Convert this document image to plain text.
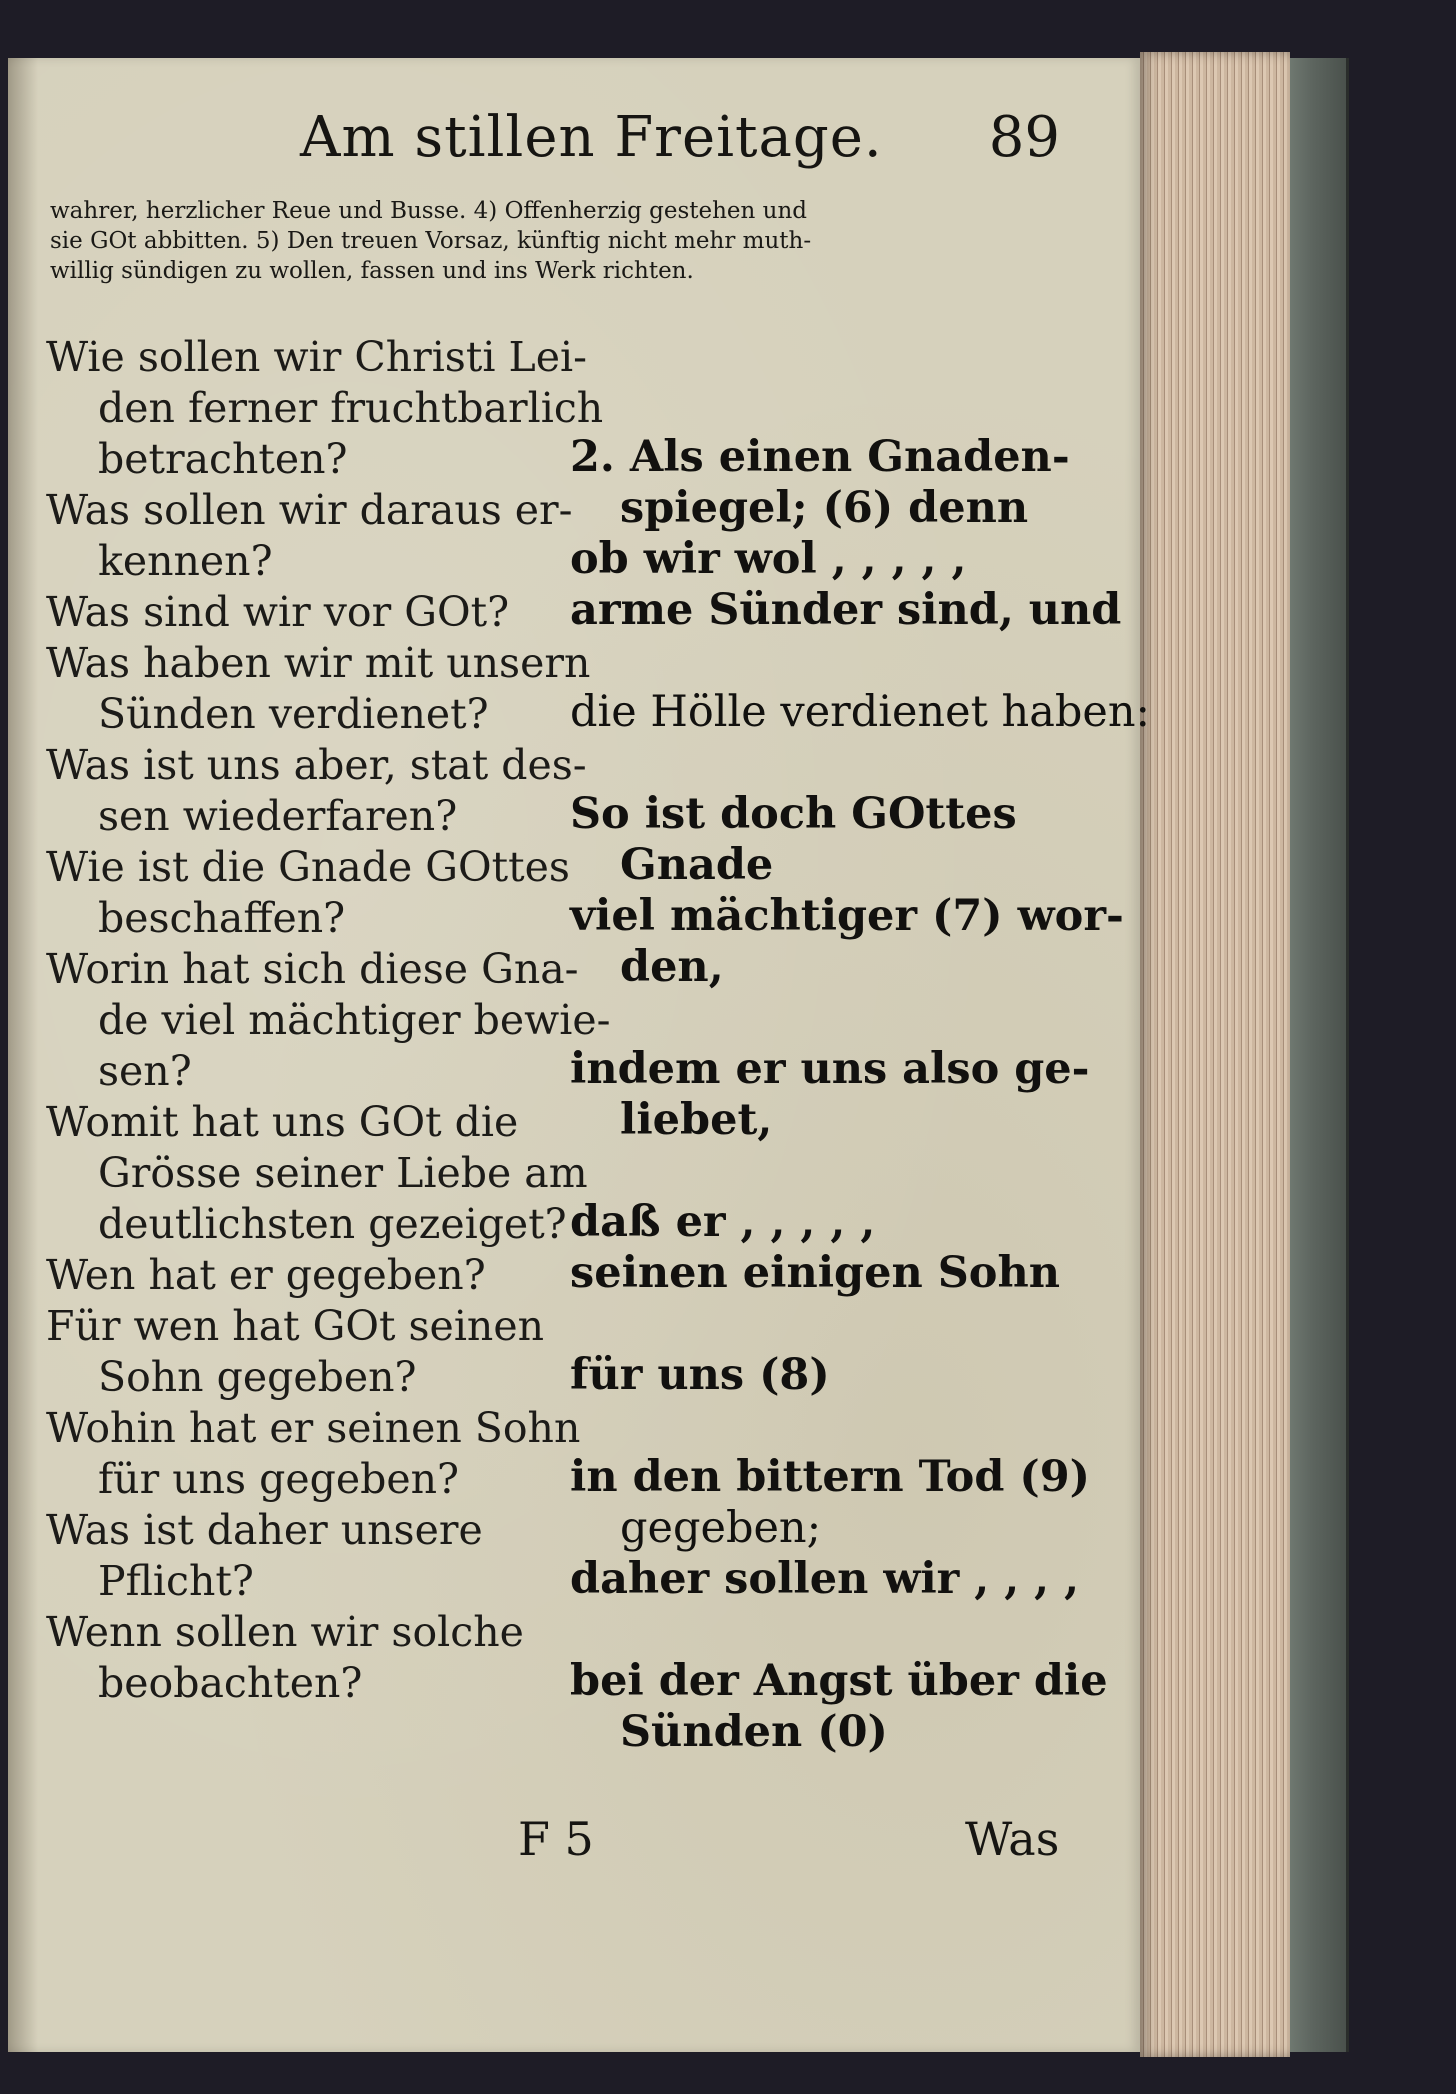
Am stillen Freitage. 89
wahrer, herzlicher Reue und Busse. 4) Offenherzig gestehen und
sie GOt abbitten. 5) Den treuen Vorsaz, künftig nicht mehr muth-
willig sündigen zu wollen, fassen und ins Werk richten.
Wie sollen wir Christi Lei-
den ferner fruchtbarlich
betrachten?
Was sollen wir daraus er-
kennen?
Was sind wir vor GOt?
Was haben wir mit unsern
Sünden verdienet?
Was ist uns aber, stat des-
sen wiederfaren?
Wie ist die Gnade GOttes
beschaffen?
Worin hat sich diese Gna-
de viel mächtiger bewie-
sen?
Womit hat uns GOt die
Grösse seiner Liebe am
deutlichsten gezeiget?
Wen hat er gegeben?
Für wen hat GOt seinen
Sohn gegeben?
Wohin hat er seinen Sohn
für uns gegeben?
Was ist daher unsere
Pflicht?
Wenn sollen wir solche
beobachten?
2. Als einen Gnaden-
spiegel; (6) denn
ob wir wol , , , , ,
arme Sünder sind, und
die Hölle verdienet haben:
So ist doch GOttes
Gnade
viel mächtiger (7) wor-
den,
indem er uns also ge-
liebet,
daß er , , , , ,
seinen einigen Sohn
für uns (8)
in den bittern Tod (9)
gegeben;
daher sollen wir , , , ,
bei der Angst über die
Sünden (0)
F 5	Was
